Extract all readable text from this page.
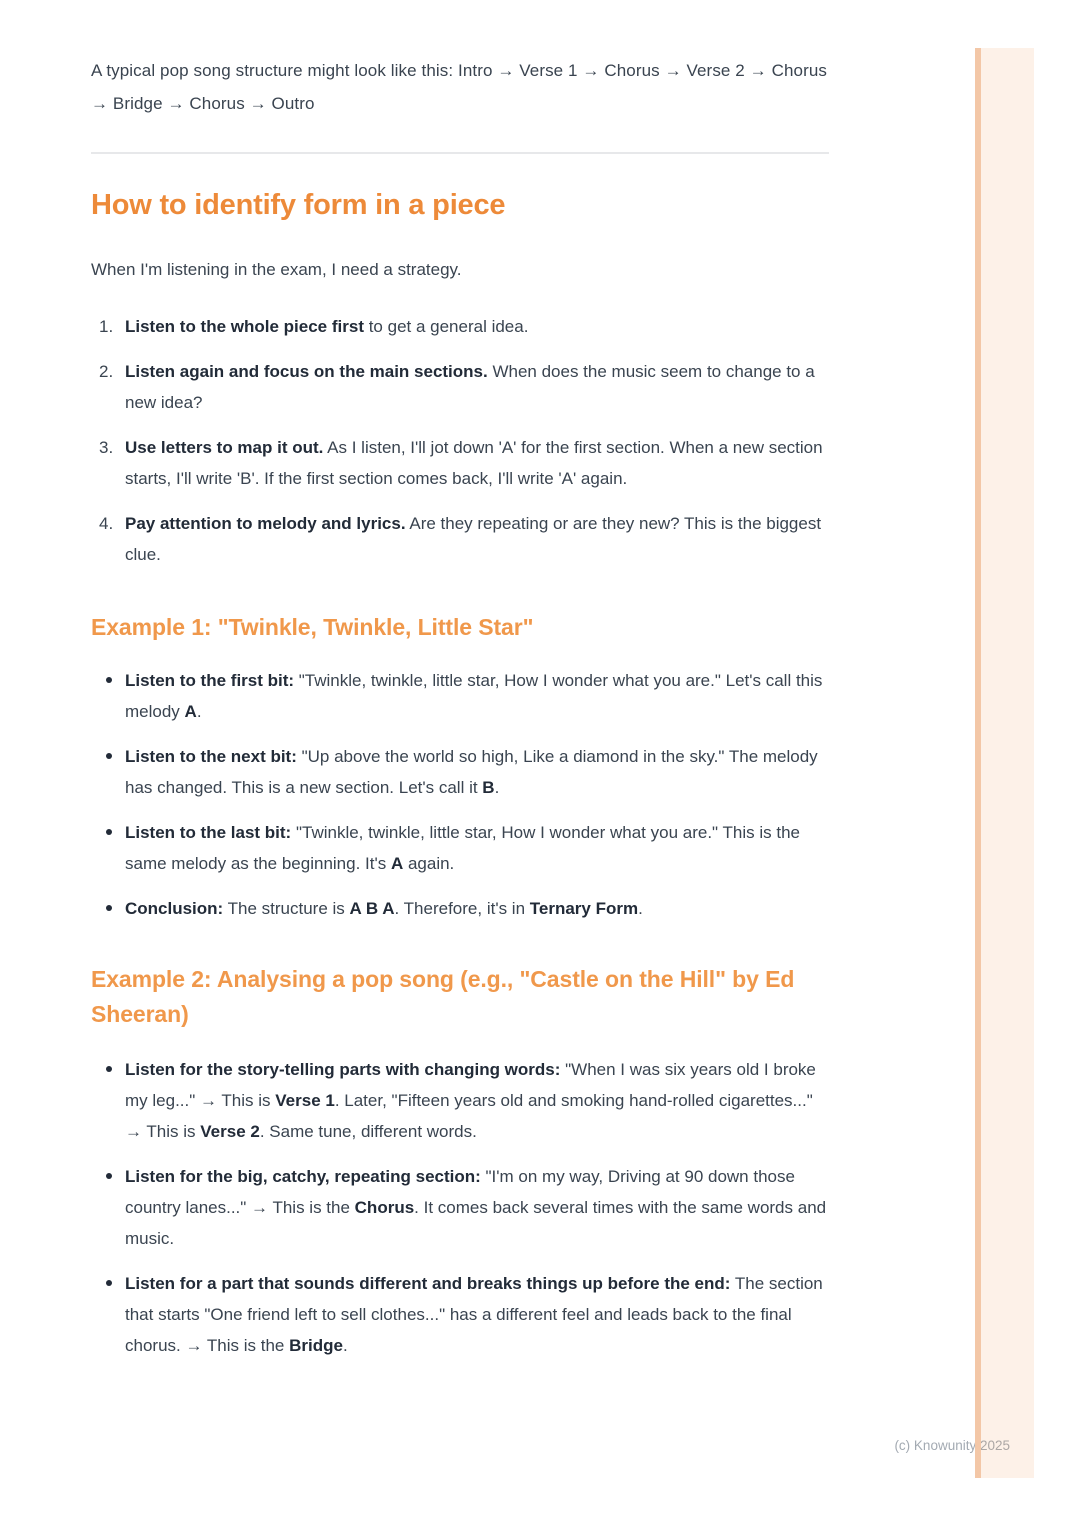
A typical pop song structure might look like this: Intro → Verse 1 → Chorus → Verse 2 → Chorus → Bridge → Chorus → Outro

How to identify form in a piece

When I'm listening in the exam, I need a strategy.

Listen to the whole piece first to get a general idea.
Listen again and focus on the main sections. When does the music seem to change to a new idea?
Use letters to map it out. As I listen, I'll jot down 'A' for the first section. When a new section starts, I'll write 'B'. If the first section comes back, I'll write 'A' again.
Pay attention to melody and lyrics. Are they repeating or are they new? This is the biggest clue.
Example 1: "Twinkle, Twinkle, Little Star"
Listen to the first bit: "Twinkle, twinkle, little star, How I wonder what you are." Let's call this melody A.
Listen to the next bit: "Up above the world so high, Like a diamond in the sky." The melody has changed. This is a new section. Let's call it B.
Listen to the last bit: "Twinkle, twinkle, little star, How I wonder what you are." This is the same melody as the beginning. It's A again.
Conclusion: The structure is A B A. Therefore, it's in Ternary Form.
Example 2: Analysing a pop song (e.g., "Castle on the Hill" by Ed Sheeran)
Listen for the story-telling parts with changing words: "When I was six years old I broke my leg..." → This is Verse 1. Later, "Fifteen years old and smoking hand-rolled cigarettes..." → This is Verse 2. Same tune, different words.
Listen for the big, catchy, repeating section: "I'm on my way, Driving at 90 down those country lanes..." → This is the Chorus. It comes back several times with the same words and music.
Listen for a part that sounds different and breaks things up before the end: The section that starts "One friend left to sell clothes..." has a different feel and leads back to the final chorus. → This is the Bridge.
(c) Knowunity 2025
